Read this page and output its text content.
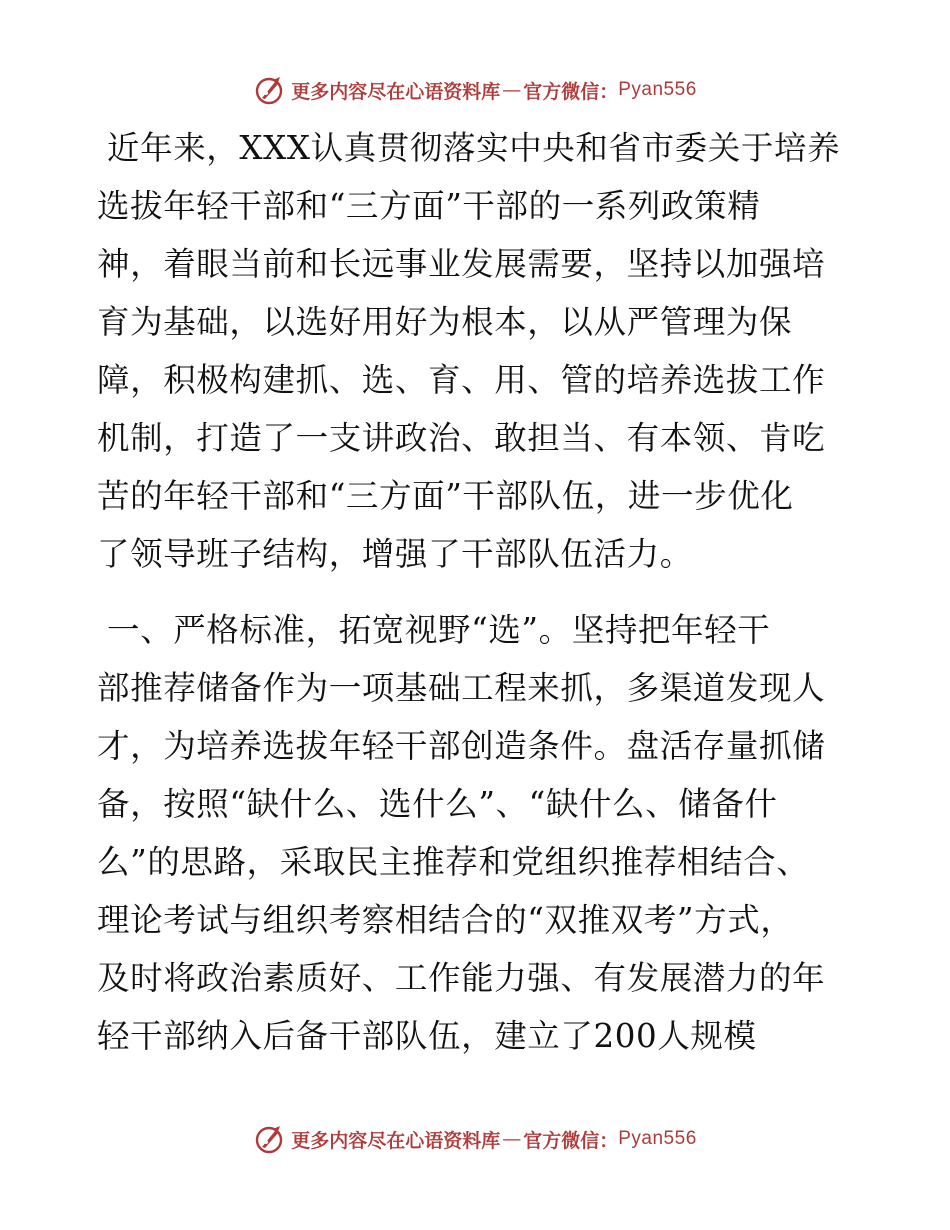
更多内容尽在心语资料库 — 官方微信： Pyan556
近年来，XXX认真贯彻落实中央和省市委关于培养
选拔年轻干部和“三方面”干部的一系列政策精
神，着眼当前和长远事业发展需要，坚持以加强培
育为基础，以选好用好为根本，以从严管理为保
障，积极构建抓、选、育、用、管的培养选拔工作
机制，打造了一支讲政治、敢担当、有本领、肯吃
苦的年轻干部和“三方面”干部队伍，进一步优化
了领导班子结构，增强了干部队伍活力。
一、严格标准，拓宽视野“选”。坚持把年轻干
部推荐储备作为一项基础工程来抓，多渠道发现人
才，为培养选拔年轻干部创造条件。盘活存量抓储
备，按照“缺什么、选什么”、“缺什么、储备什
么”的思路，采取民主推荐和党组织推荐相结合、
理论考试与组织考察相结合的“双推双考”方式，
及时将政治素质好、工作能力强、有发展潜力的年
轻干部纳入后备干部队伍，建立了200人规模
更多内容尽在心语资料库 — 官方微信： Pyan556
